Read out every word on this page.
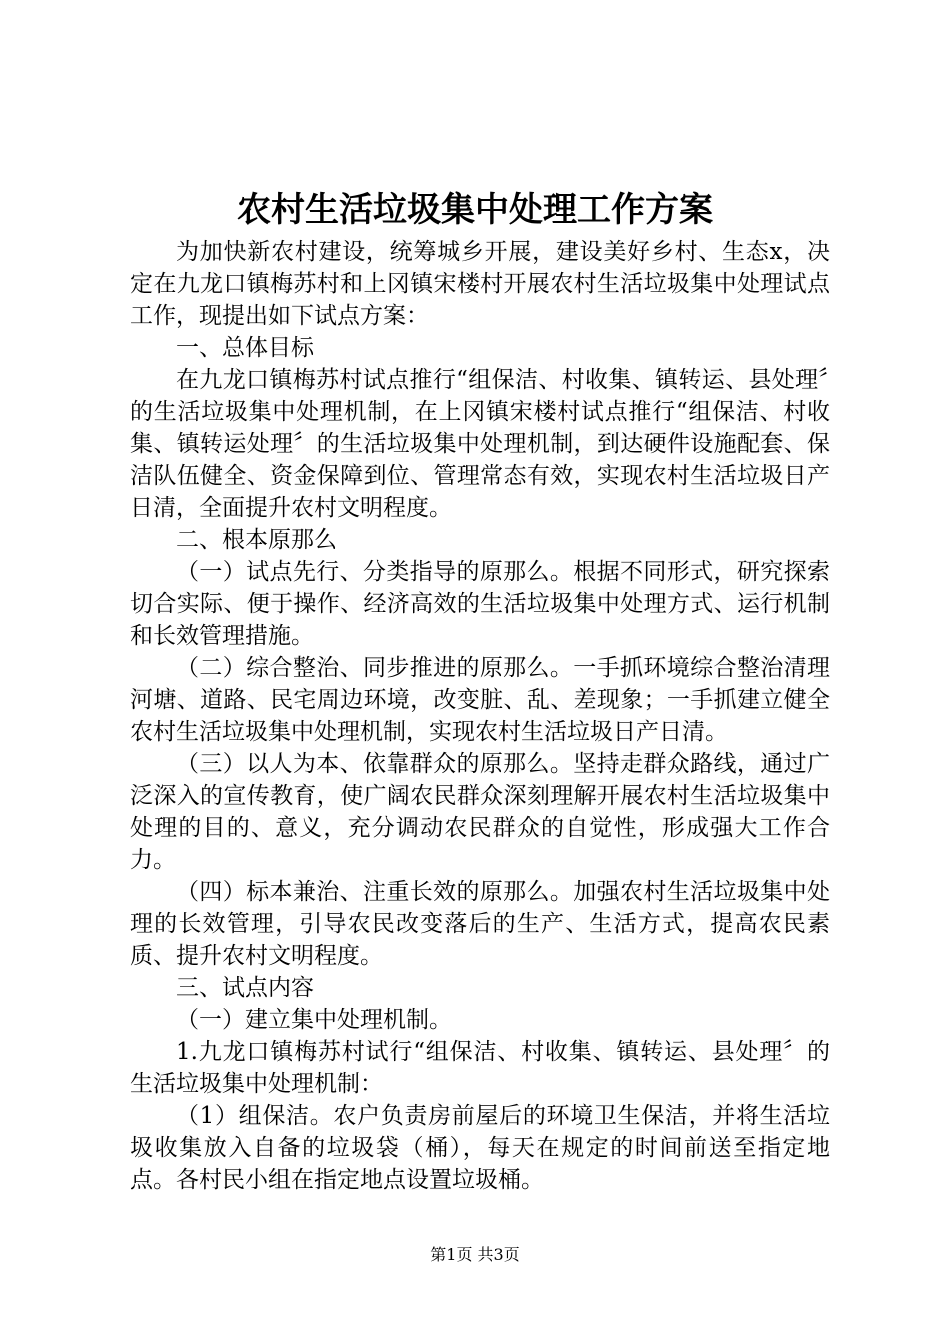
农村生活垃圾集中处理工作方案

为加快新农村建设，统筹城乡开展，建设美好乡村、生态x，决定在九龙口镇梅苏村和上冈镇宋楼村开展农村生活垃圾集中处理试点工作，现提出如下试点方案：

一、总体目标

在九龙口镇梅苏村试点推行“组保洁、村收集、镇转运、县处理〞的生活垃圾集中处理机制，在上冈镇宋楼村试点推行“组保洁、村收集、镇转运处理〞的生活垃圾集中处理机制，到达硬件设施配套、保洁队伍健全、资金保障到位、管理常态有效，实现农村生活垃圾日产日清，全面提升农村文明程度。

二、根本原那么

（一）试点先行、分类指导的原那么。根据不同形式，研究探索切合实际、便于操作、经济高效的生活垃圾集中处理方式、运行机制和长效管理措施。

（二）综合整治、同步推进的原那么。一手抓环境综合整治清理河塘、道路、民宅周边环境，改变脏、乱、差现象；一手抓建立健全农村生活垃圾集中处理机制，实现农村生活垃圾日产日清。

（三）以人为本、依靠群众的原那么。坚持走群众路线，通过广泛深入的宣传教育，使广阔农民群众深刻理解开展农村生活垃圾集中处理的目的、意义，充分调动农民群众的自觉性，形成强大工作合力。

（四）标本兼治、注重长效的原那么。加强农村生活垃圾集中处理的长效管理，引导农民改变落后的生产、生活方式，提高农民素质、提升农村文明程度。

三、试点内容

（一）建立集中处理机制。

1.九龙口镇梅苏村试行“组保洁、村收集、镇转运、县处理〞的生活垃圾集中处理机制：

（1）组保洁。农户负责房前屋后的环境卫生保洁，并将生活垃圾收集放入自备的垃圾袋（桶），每天在规定的时间前送至指定地点。各村民小组在指定地点设置垃圾桶。

第1页 共3页
